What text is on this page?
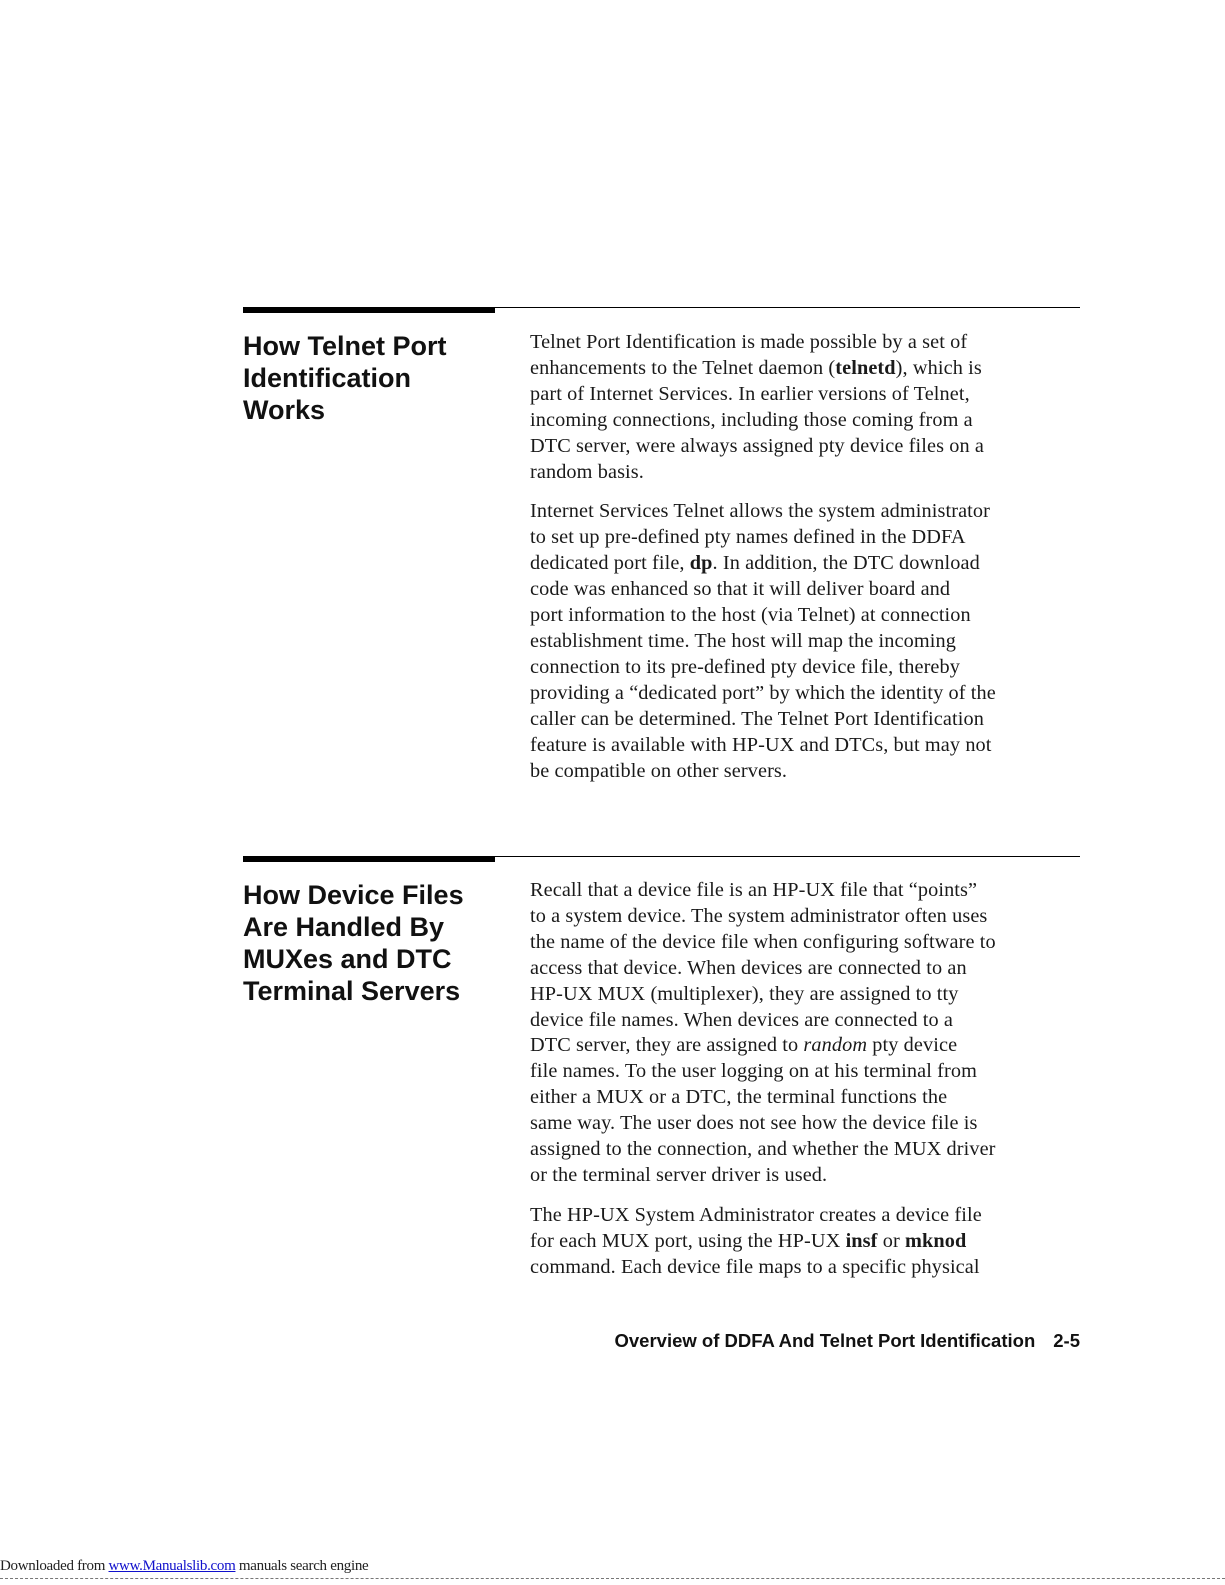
How Telnet Port
Identification
Works

Telnet Port Identification is made possible by a set of
enhancements to the Telnet daemon (telnetd), which is
part of Internet Services. In earlier versions of Telnet,
incoming connections, including those coming from a
DTC server, were always assigned pty device files on a
random basis.

Internet Services Telnet allows the system administrator
to set up pre-defined pty names defined in the DDFA
dedicated port file, dp. In addition, the DTC download
code was enhanced so that it will deliver board and
port information to the host (via Telnet) at connection
establishment time. The host will map the incoming
connection to its pre-defined pty device file, thereby
providing a “dedicated port” by which the identity of the
caller can be determined. The Telnet Port Identification
feature is available with HP-UX and DTCs, but may not
be compatible on other servers.

How Device Files
Are Handled By
MUXes and DTC
Terminal Servers

Recall that a device file is an HP-UX file that “points”
to a system device. The system administrator often uses
the name of the device file when configuring software to
access that device. When devices are connected to an
HP-UX MUX (multiplexer), they are assigned to tty
device file names. When devices are connected to a
DTC server, they are assigned to random pty device
file names. To the user logging on at his terminal from
either a MUX or a DTC, the terminal functions the
same way. The user does not see how the device file is
assigned to the connection, and whether the MUX driver
or the terminal server driver is used.

The HP-UX System Administrator creates a device file
for each MUX port, using the HP-UX insf or mknod
command. Each device file maps to a specific physical

Overview of DDFA And Telnet Port Identification 2-5
Downloaded from www.Manualslib.com manuals search engine
